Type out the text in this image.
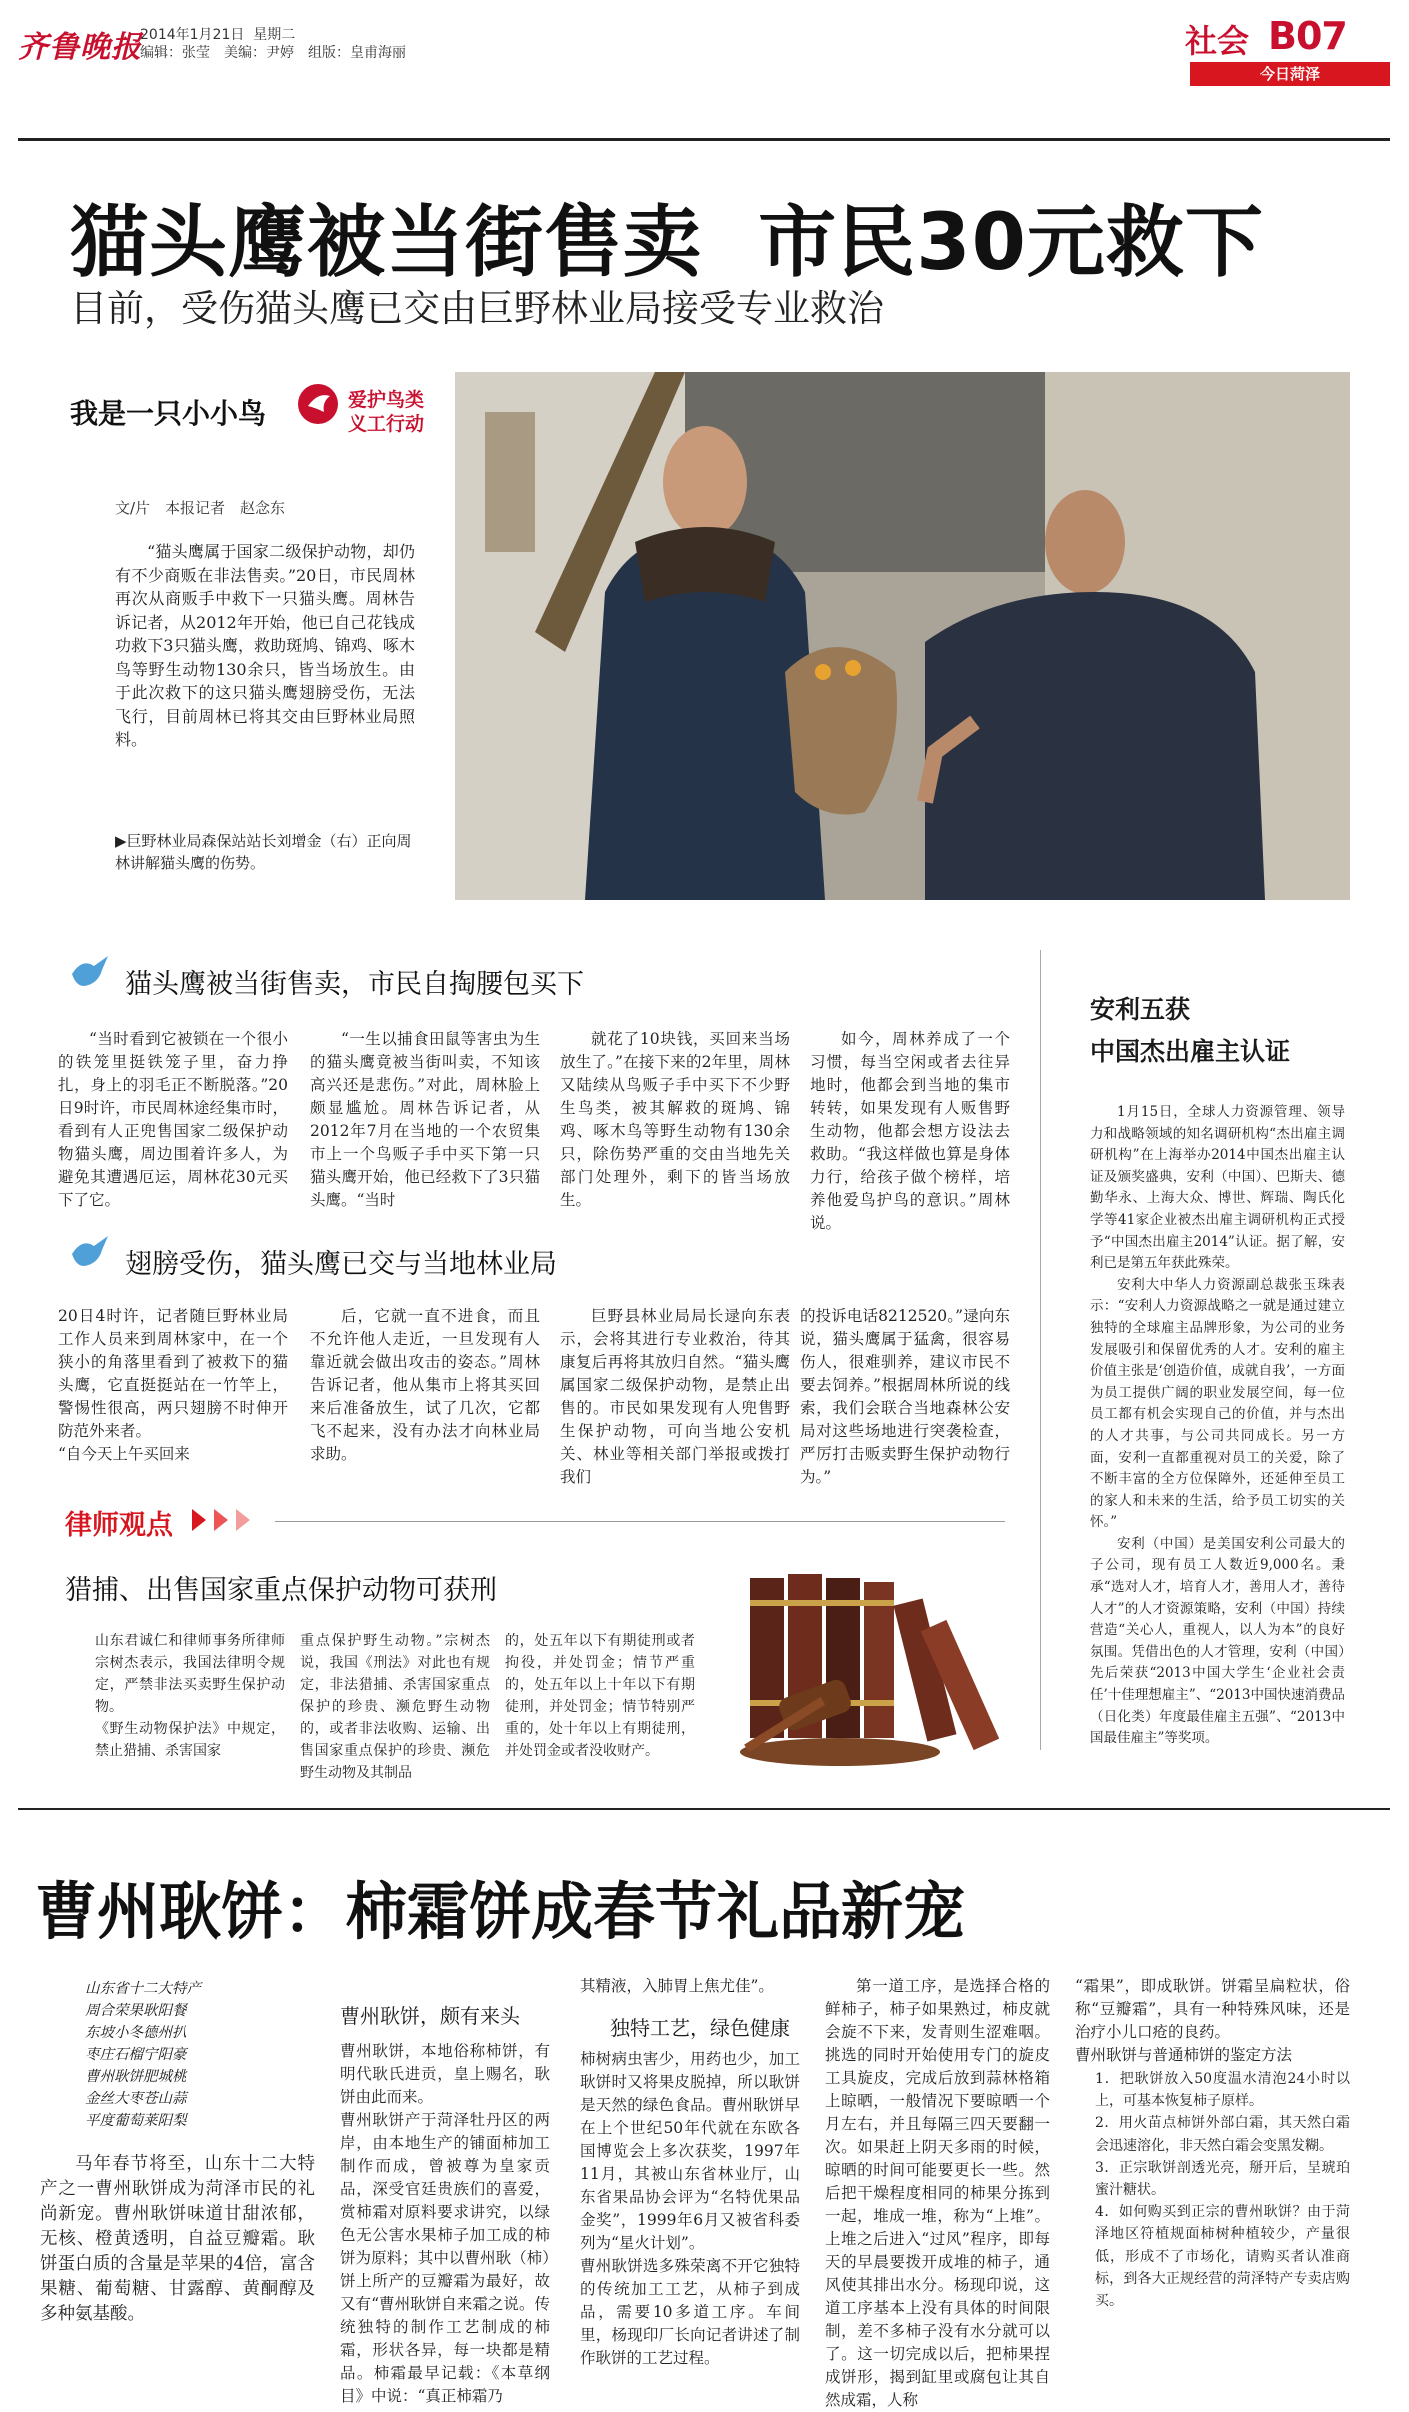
齐鲁晚报
2014年1月21日 星期二
编辑：张莹　美编：尹婷　组版：皇甫海丽	社会 B07
今日菏泽
猫头鹰被当街售卖  市民30元救下
目前，受伤猫头鹰已交由巨野林业局接受专业救治
我是一只小小鸟	爱护鸟类
义工行动
文/片　本报记者　赵念东

“猫头鹰属于国家二级保护动物，却仍有不少商贩在非法售卖。”20日，市民周林再次从商贩手中救下一只猫头鹰。周林告诉记者，从2012年开始，他已自己花钱成功救下3只猫头鹰，救助斑鸠、锦鸡、啄木鸟等野生动物130余只，皆当场放生。由于此次救下的这只猫头鹰翅膀受伤，无法飞行，目前周林已将其交由巨野林业局照料。

▶巨野林业局森保站站长刘增金（右）正向周林讲解猫头鹰的伤势。
猫头鹰被当街售卖，市民自掏腰包买下

“当时看到它被锁在一个很小的铁笼里挺铁笼子里，奋力挣扎，身上的羽毛正不断脱落。”20日9时许，市民周林途经集市时，看到有人正兜售国家二级保护动物猫头鹰，周边围着许多人，为避免其遭遇厄运，周林花30元买下了它。

“一生以捕食田鼠等害虫为生的猫头鹰竟被当街叫卖，不知该高兴还是悲伤。”对此，周林脸上颇显尴尬。周林告诉记者，从2012年7月在当地的一个农贸集市上一个鸟贩子手中买下第一只猫头鹰开始，他已经救下了3只猫头鹰。“当时

就花了10块钱，买回来当场放生了。”在接下来的2年里，周林又陆续从鸟贩子手中买下不少野生鸟类，被其解救的斑鸠、锦鸡、啄木鸟等野生动物有130余只，除伤势严重的交由当地先关部门处理外，剩下的皆当场放生。

如今，周林养成了一个习惯，每当空闲或者去往异地时，他都会到当地的集市转转，如果发现有人贩售野生动物，他都会想方设法去救助。“我这样做也算是身体力行，给孩子做个榜样，培养他爱鸟护鸟的意识。”周林说。

翅膀受伤，猫头鹰已交与当地林业局
20日4时许，记者随巨野林业局工作人员来到周林家中，在一个狭小的角落里看到了被救下的猫头鹰，它直挺挺站在一竹竿上，警惕性很高，两只翅膀不时伸开防范外来者。
“自今天上午买回来

后，它就一直不进食，而且不允许他人走近，一旦发现有人靠近就会做出攻击的姿态。”周林告诉记者，他从集市上将其买回来后准备放生，试了几次，它都飞不起来，没有办法才向林业局求助。

巨野县林业局局长逯向东表示，会将其进行专业救治，待其康复后再将其放归自然。“猫头鹰属国家二级保护动物，是禁止出售的。市民如果发现有人兜售野生保护动物，可向当地公安机关、林业等相关部门举报或拨打我们

的投诉电话8212520。”逯向东说，猫头鹰属于猛禽，很容易伤人，很难驯养，建议市民不要去饲养。”根据周林所说的线索，我们会联合当地森林公安局对这些场地进行突袭检查，严厉打击贩卖野生保护动物行为。”
律师观点
猎捕、出售国家重点保护动物可获刑
山东君诚仁和律师事务所律师宗树杰表示，我国法律明令规定，严禁非法买卖野生保护动物。
《野生动物保护法》中规定，禁止猎捕、杀害国家
重点保护野生动物。”宗树杰说，我国《刑法》对此也有规定，非法猎捕、杀害国家重点保护的珍贵、濒危野生动物的，或者非法收购、运输、出售国家重点保护的珍贵、濒危野生动物及其制品
的，处五年以下有期徒刑或者拘役，并处罚金；情节严重的，处五年以上十年以下有期徒刑，并处罚金；情节特别严重的，处十年以上有期徒刑，并处罚金或者没收财产。
安利五获
中国杰出雇主认证

1月15日，全球人力资源管理、领导力和战略领域的知名调研机构“杰出雇主调研机构”在上海举办2014中国杰出雇主认证及颁奖盛典，安利（中国）、巴斯夫、德勤华永、上海大众、博世、辉瑞、陶氏化学等41家企业被杰出雇主调研机构正式授予“中国杰出雇主2014”认证。据了解，安利已是第五年获此殊荣。

安利大中华人力资源副总裁张玉珠表示：“安利人力资源战略之一就是通过建立独特的全球雇主品牌形象，为公司的业务发展吸引和保留优秀的人才。安利的雇主价值主张是‘创造价值，成就自我’，一方面为员工提供广阔的职业发展空间，每一位员工都有机会实现自己的价值，并与杰出的人才共事，与公司共同成长。另一方面，安利一直都重视对员工的关爱，除了不断丰富的全方位保障外，还延伸至员工的家人和未来的生活，给予员工切实的关怀。”

安利（中国）是美国安利公司最大的子公司，现有员工人数近9,000名。秉承“选对人才，培育人才，善用人才，善待人才”的人才资源策略，安利（中国）持续营造“关心人，重视人，以人为本”的良好氛围。凭借出色的人才管理，安利（中国）先后荣获“2013中国大学生‘企业社会责任’十佳理想雇主”、“2013中国快速消费品（日化类）年度最佳雇主五强”、“2013中国最佳雇主”等奖项。

曹州耿饼：柿霜饼成春节礼品新宠
山东省十二大特产
周合荣果耿阳餐
东坡小冬德州扒
枣庄石榴宁阳豪
曹州耿饼肥城桃
金丝大枣苍山蒜
平度葡萄莱阳梨

马年春节将至，山东十二大特产之一曹州耿饼成为菏泽市民的礼尚新宠。曹州耿饼味道甘甜浓郁，无核、橙黄透明，自益豆瓣霜。耿饼蛋白质的含量是苹果的4倍，富含果糖、葡萄糖、甘露醇、黄酮醇及多种氨基酸。

曹州耿饼，颇有来头
曹州耿饼，本地俗称柿饼，有明代耿氏进贡，皇上赐名，耿饼由此而来。
曹州耿饼产于菏泽牡丹区的两岸，由本地生产的铺面柿加工制作而成，曾被尊为皇家贡品，深受官廷贵族们的喜爱，赏柿霜对原料要求讲究，以绿色无公害水果柿子加工成的柿饼为原料；其中以曹州耿（柿）饼上所产的豆瓣霜为最好，故又有“曹州耿饼自来霜之说。传统独特的制作工艺制成的柿霜，形状各异，每一块都是精品。柿霜最早记载：《本草纲目》中说：“真正柿霜乃
其精液，入肺胃上焦尤佳”。
独特工艺，绿色健康
柿树病虫害少，用药也少，加工耿饼时又将果皮脱掉，所以耿饼是天然的绿色食品。曹州耿饼早在上个世纪50年代就在东欧各国博览会上多次获奖，1997年11月，其被山东省林业厅，山东省果品协会评为“名特优果品金奖”，1999年6月又被省科委列为“星火计划”。
曹州耿饼选多殊荣离不开它独特的传统加工工艺，从柿子到成品，需要10多道工序。车间里，杨现印厂长向记者讲述了制作耿饼的工艺过程。

第一道工序，是选择合格的鲜柿子，柿子如果熟过，柿皮就会旋不下来，发青则生涩难咽。挑选的同时开始使用专门的旋皮工具旋皮，完成后放到蒜林格箱上晾晒，一般情况下要晾晒一个月左右，并且每隔三四天要翻一次。如果赶上阴天多雨的时候，晾晒的时间可能要更长一些。然后把干燥程度相同的柿果分拣到一起，堆成一堆，称为“上堆”。上堆之后进入“过风”程序，即每天的早晨要拨开成堆的柿子，通风使其排出水分。杨现印说，这道工序基本上没有具体的时间限制，差不多柿子没有水分就可以了。这一切完成以后，把柿果捏成饼形，揭到缸里或腐包让其自然成霜，人称

“霜果”，即成耿饼。饼霜呈扁粒状，俗称“豆瓣霜”，具有一种特殊风味，还是治疗小儿口疮的良药。
曹州耿饼与普通柿饼的鉴定方法
1．把耿饼放入50度温水清泡24小时以上，可基本恢复柿子原样。
2．用火苗点柿饼外部白霜，其天然白霜会迅速溶化，非天然白霜会变黑发糊。
3．正宗耿饼剖透光亮，掰开后，呈琥珀蜜汁糖状。
4．如何购买到正宗的曹州耿饼？由于菏泽地区符植规面柿树种植较少，产量很低，形成不了市场化，请购买者认准商标，到各大正规经营的菏泽特产专卖店购买。
